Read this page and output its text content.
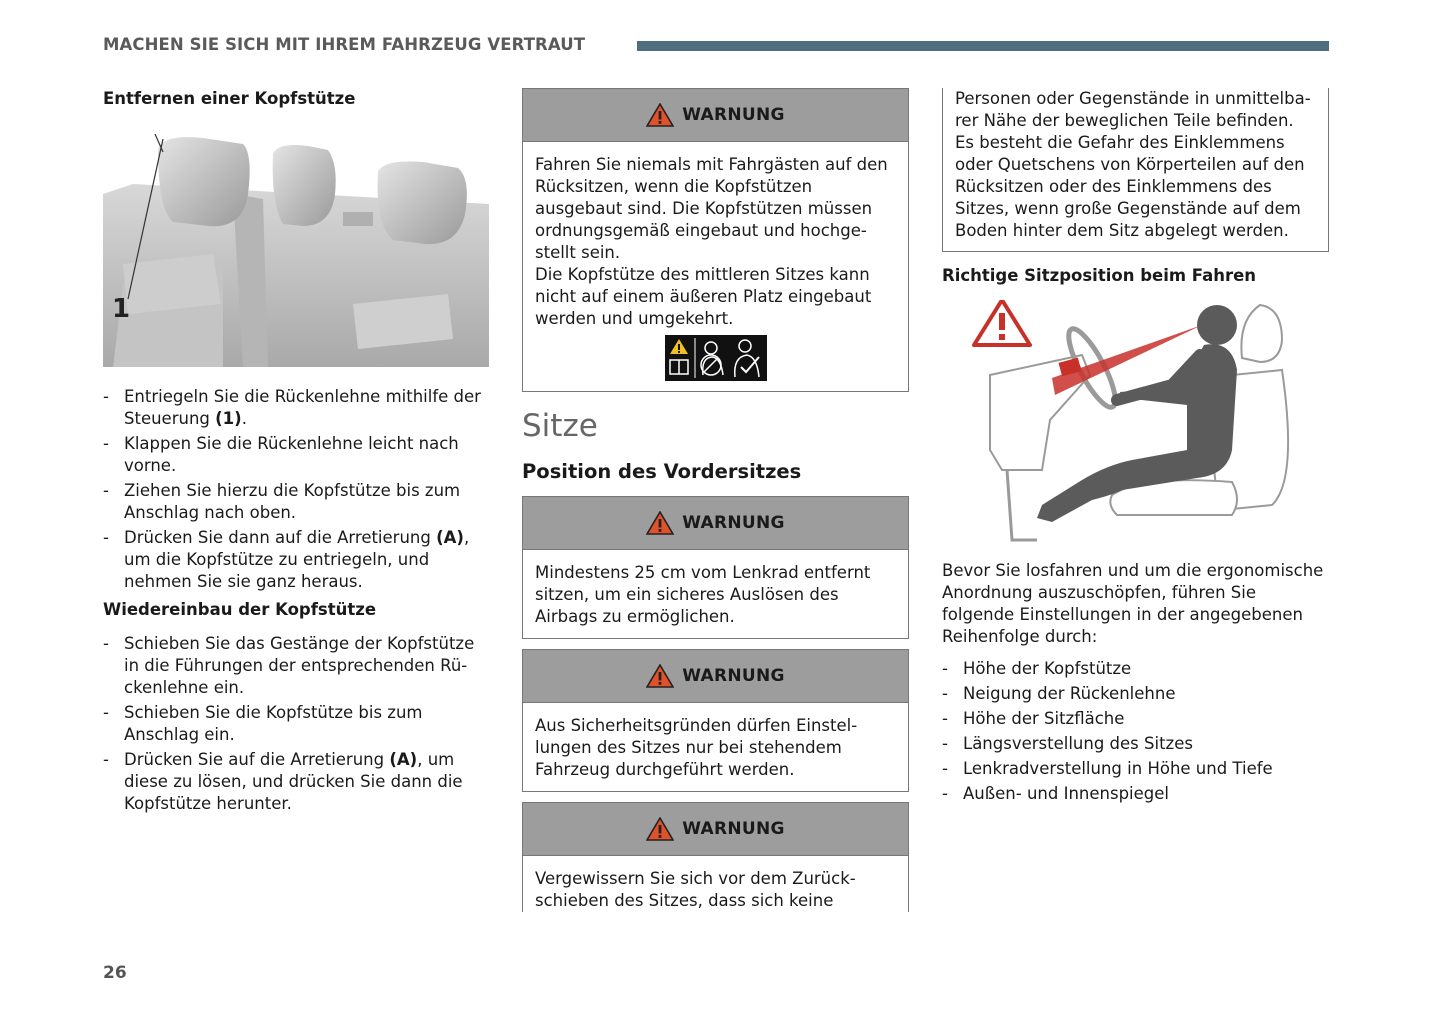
MACHEN SIE SICH MIT IHREM FAHRZEUG VERTRAUT

Entfernen einer Kopfstütze

1
- Entriegeln Sie die Rückenlehne mithilfe der Steuerung (1).
- Klappen Sie die Rückenlehne leicht nach vorne.
- Ziehen Sie hierzu die Kopfstütze bis zum Anschlag nach oben.
- Drücken Sie dann auf die Arretierung (A), um die Kopfstütze zu entriegeln, und nehmen Sie sie ganz heraus.

Wiedereinbau der Kopfstütze

- Schieben Sie das Gestänge der Kopfstütze in die Führungen der entsprechenden Rückenlehne ein.
- Schieben Sie die Kopfstütze bis zum Anschlag ein.
- Drücken Sie auf die Arretierung (A), um diese zu lösen, und drücken Sie dann die Kopfstütze herunter.
WARNUNG
Fahren Sie niemals mit Fahrgästen auf den Rücksitzen, wenn die Kopfstützen ausgebaut sind. Die Kopfstützen müssen ordnungsgemäß eingebaut und hochgestellt sein.
Die Kopfstütze des mittleren Sitzes kann nicht auf einem äußeren Platz eingebaut werden und umgekehrt.

Sitze

Position des Vordersitzes

WARNUNG
Mindestens 25 cm vom Lenkrad entfernt sitzen, um ein sicheres Auslösen des Airbags zu ermöglichen.
WARNUNG
Aus Sicherheitsgründen dürfen Einstellungen des Sitzes nur bei stehendem Fahrzeug durchgeführt werden.
WARNUNG
Vergewissern Sie sich vor dem Zurückschieben des Sitzes, dass sich keine
Personen oder Gegenstände in unmittelbarer Nähe der beweglichen Teile befinden. Es besteht die Gefahr des Einklemmens oder Quetschens von Körperteilen auf den Rücksitzen oder des Einklemmens des Sitzes, wenn große Gegenstände auf dem Boden hinter dem Sitz abgelegt werden.

Richtige Sitzposition beim Fahren

Bevor Sie losfahren und um die ergonomische Anordnung auszuschöpfen, führen Sie folgende Einstellungen in der angegebenen Reihenfolge durch:
- Höhe der Kopfstütze
- Neigung der Rückenlehne
- Höhe der Sitzfläche
- Längsverstellung des Sitzes
- Lenkradverstellung in Höhe und Tiefe
- Außen- und Innenspiegel
26
